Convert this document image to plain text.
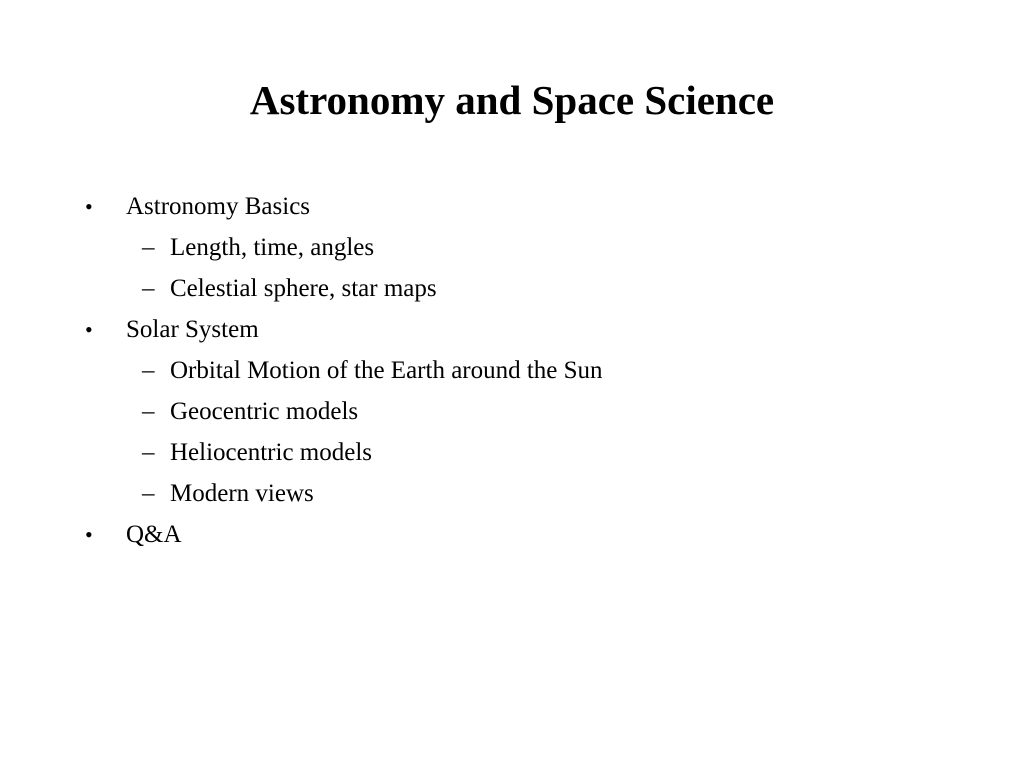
Astronomy and Space Science
• Astronomy Basics
– Length, time, angles
– Celestial sphere, star maps
• Solar System
– Orbital Motion of the Earth around the Sun
– Geocentric models
– Heliocentric models
– Modern views
• Q&A
